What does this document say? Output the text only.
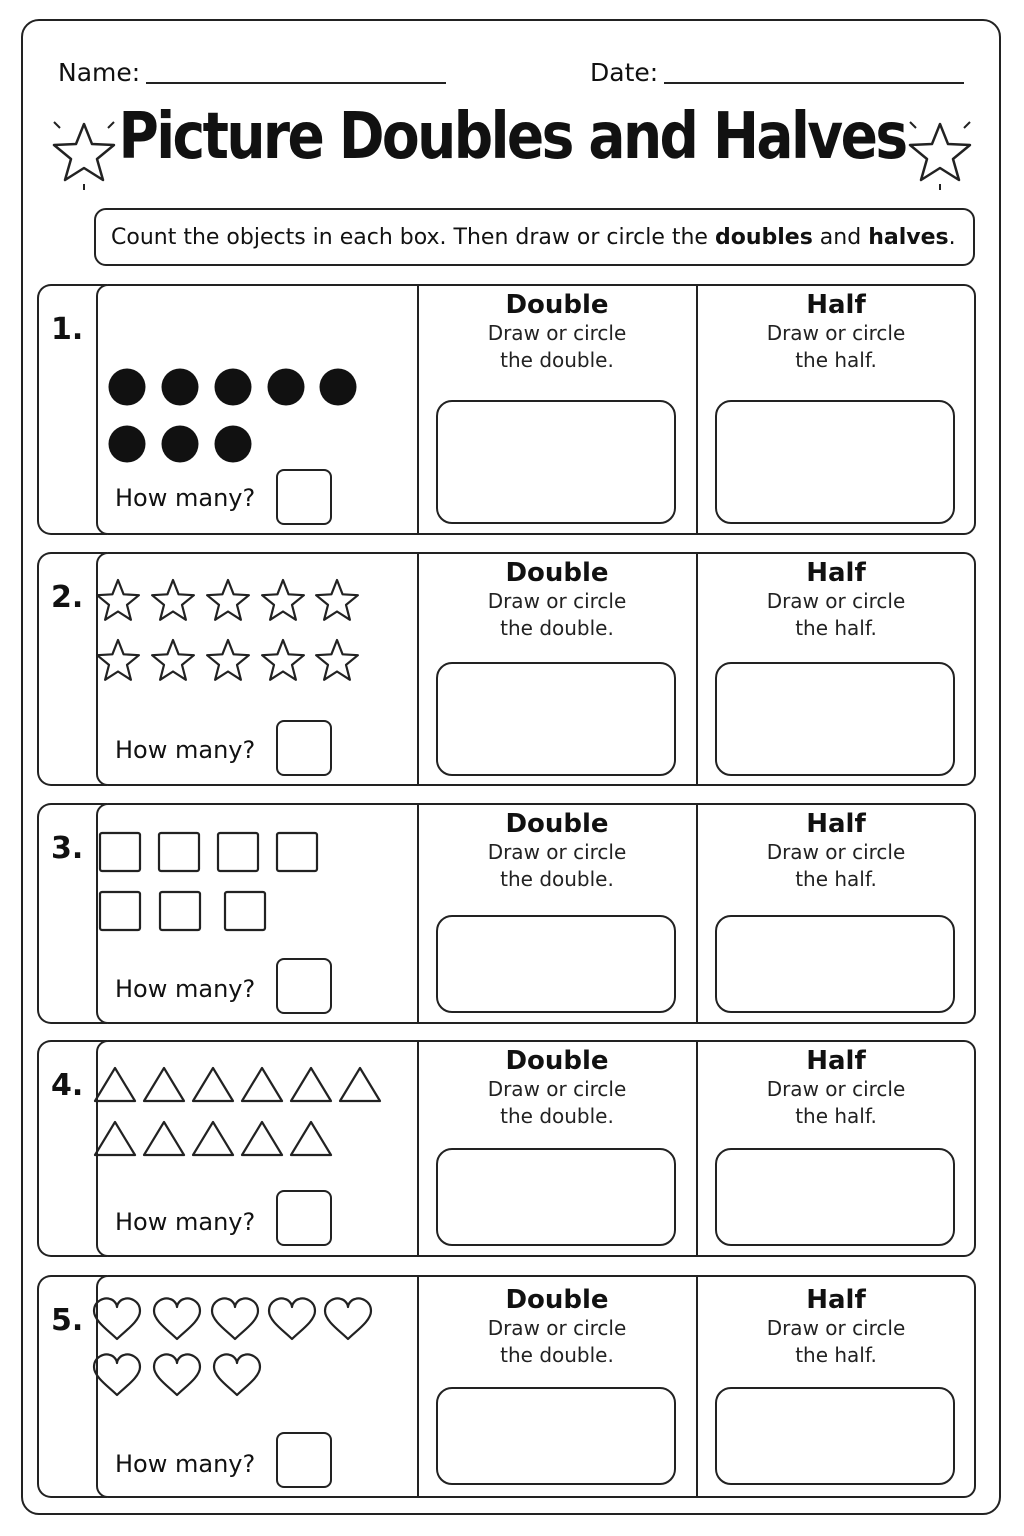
Name:	Date:
Picture Doubles and Halves
Count the objects in each box. Then draw or circle the doubles and halves .
1.
How many?
Double
Draw or circle
the double.
Half
Draw or circle
the half.
2.
How many?
Double
Draw or circle
the double.
Half
Draw or circle
the half.
3.
How many?
Double
Draw or circle
the double.
Half
Draw or circle
the half.
4.
How many?
Double
Draw or circle
the double.
Half
Draw or circle
the half.
5.
How many?
Double
Draw or circle
the double.
Half
Draw or circle
the half.
